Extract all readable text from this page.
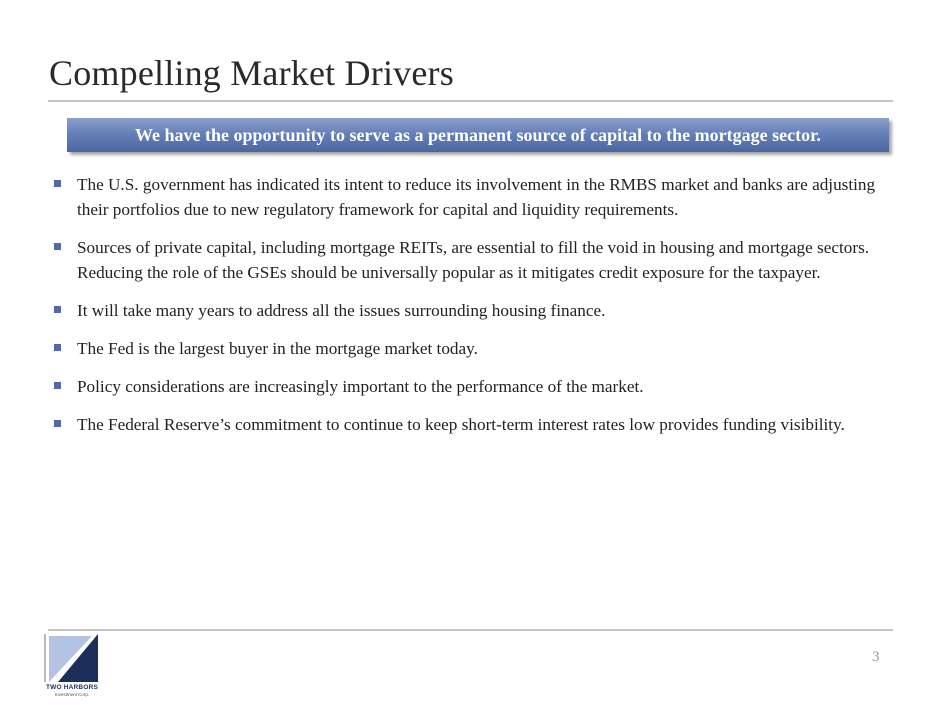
Compelling Market Drivers
We have the opportunity to serve as a permanent source of capital to the mortgage sector.
The U.S. government has indicated its intent to reduce its involvement in the RMBS market and banks are adjusting their portfolios due to new regulatory framework for capital and liquidity requirements.
Sources of private capital, including mortgage REITs, are essential to fill the void in housing and mortgage sectors. Reducing the role of the GSEs should be universally popular as it mitigates credit exposure for the taxpayer.
It will take many years to address all the issues surrounding housing finance.
The Fed is the largest buyer in the mortgage market today.
Policy considerations are increasingly important to the performance of the market.
The Federal Reserve’s commitment to continue to keep short-term interest rates low provides funding visibility.
TWO HARBORS
Investment Corp.
3
